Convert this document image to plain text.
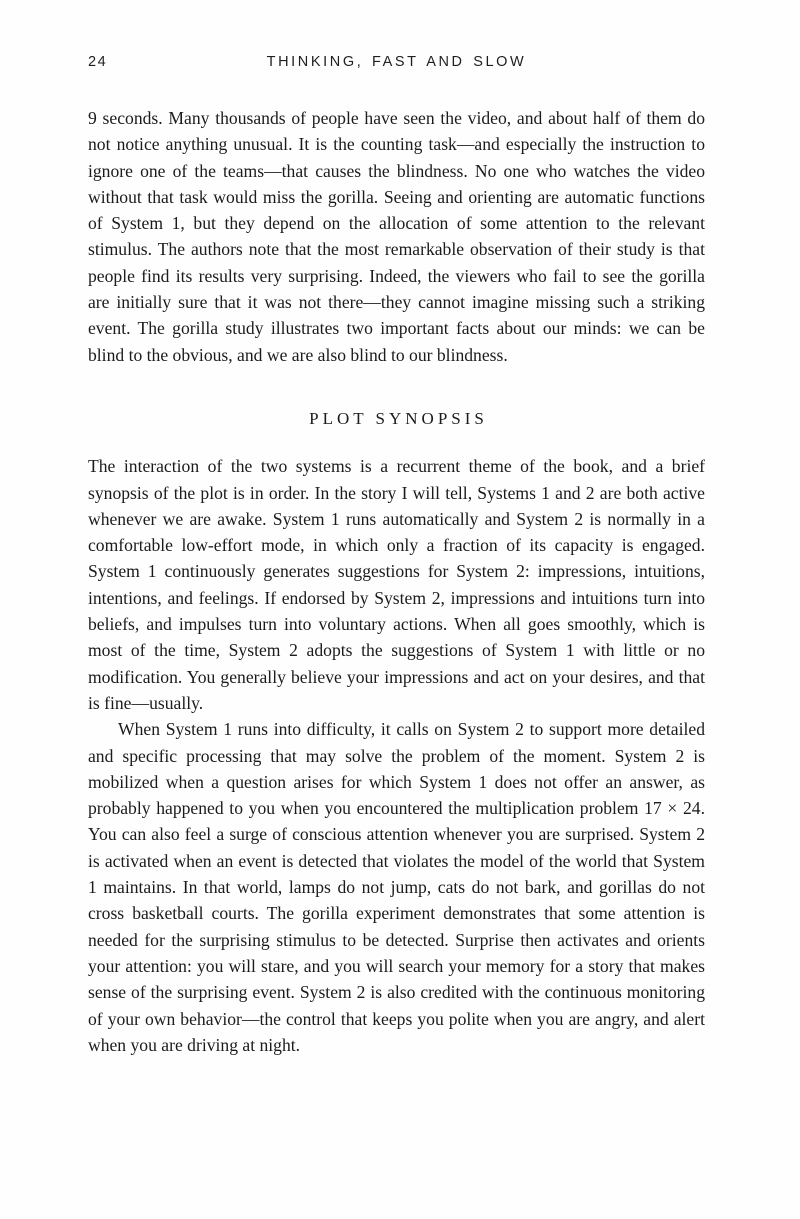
24	THINKING, FAST AND SLOW

9 seconds. Many thousands of people have seen the video, and about half of them do not notice anything unusual. It is the counting task—and especially the instruction to ignore one of the teams—that causes the blindness. No one who watches the video without that task would miss the gorilla. Seeing and orienting are automatic functions of System 1, but they depend on the allocation of some attention to the relevant stimulus. The authors note that the most remarkable observation of their study is that people find its results very surprising. Indeed, the viewers who fail to see the gorilla are initially sure that it was not there—they cannot imagine missing such a striking event. The gorilla study illustrates two important facts about our minds: we can be blind to the obvious, and we are also blind to our blindness.

PLOT SYNOPSIS

The interaction of the two systems is a recurrent theme of the book, and a brief synopsis of the plot is in order. In the story I will tell, Systems 1 and 2 are both active whenever we are awake. System 1 runs automatically and System 2 is normally in a comfortable low-effort mode, in which only a fraction of its capacity is engaged. System 1 continuously generates suggestions for System 2: impressions, intuitions, intentions, and feelings. If endorsed by System 2, impressions and intuitions turn into beliefs, and impulses turn into voluntary actions. When all goes smoothly, which is most of the time, System 2 adopts the suggestions of System 1 with little or no modification. You generally believe your impressions and act on your desires, and that is fine—usually.

When System 1 runs into difficulty, it calls on System 2 to support more detailed and specific processing that may solve the problem of the moment. System 2 is mobilized when a question arises for which System 1 does not offer an answer, as probably happened to you when you encountered the multiplication problem 17 × 24. You can also feel a surge of conscious attention whenever you are surprised. System 2 is activated when an event is detected that violates the model of the world that System 1 maintains. In that world, lamps do not jump, cats do not bark, and gorillas do not cross basketball courts. The gorilla experiment demonstrates that some attention is needed for the surprising stimulus to be detected. Surprise then activates and orients your attention: you will stare, and you will search your memory for a story that makes sense of the surprising event. System 2 is also credited with the continuous monitoring of your own behavior—the control that keeps you polite when you are angry, and alert when you are driving at night.
